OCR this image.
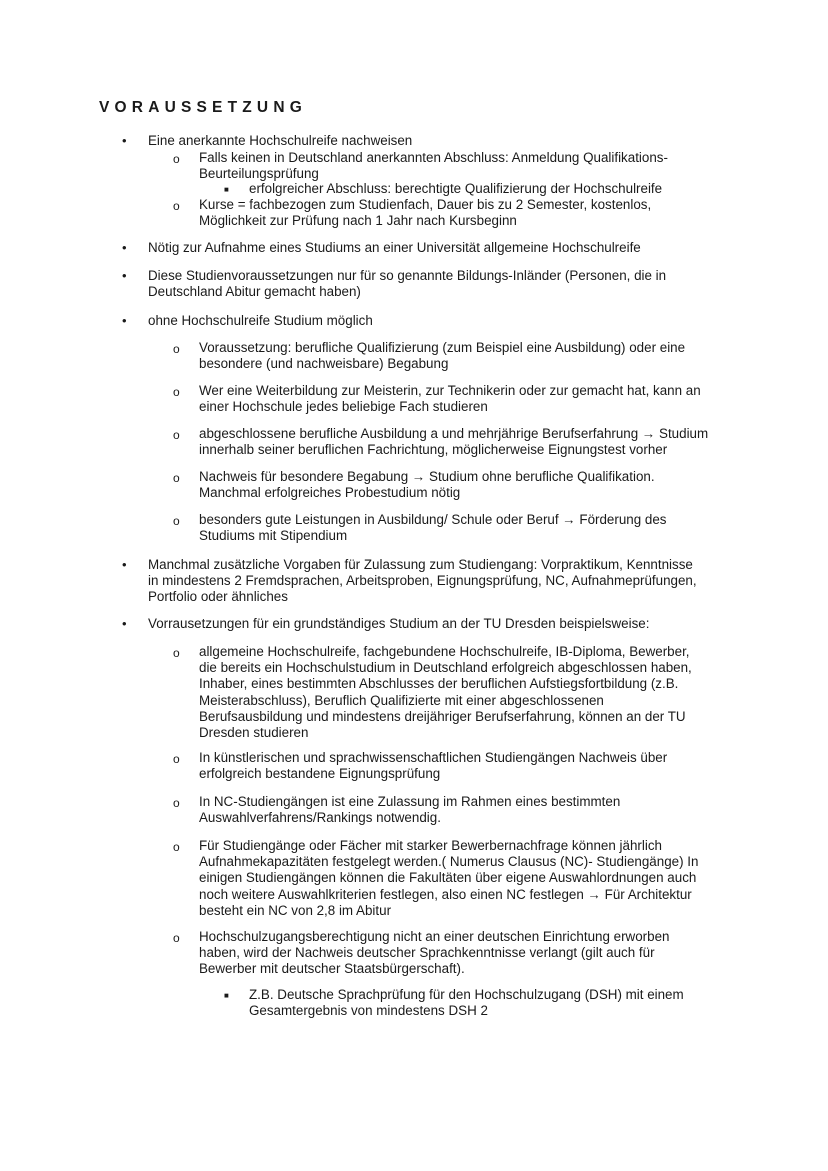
VORAUSSETZUNG
• Eine anerkannte Hochschulreife nachweisen
o Falls keinen in Deutschland anerkannten Abschluss: Anmeldung Qualifikations-
Beurteilungsprüfung
■ erfolgreicher Abschluss: berechtigte Qualifizierung der Hochschulreife
o Kurse = fachbezogen zum Studienfach, Dauer bis zu 2 Semester, kostenlos,
Möglichkeit zur Prüfung nach 1 Jahr nach Kursbeginn
• Nötig zur Aufnahme eines Studiums an einer Universität allgemeine Hochschulreife
• Diese Studienvoraussetzungen nur für so genannte Bildungs-Inländer (Personen, die in
Deutschland Abitur gemacht haben)
• ohne Hochschulreife Studium möglich
o Voraussetzung: berufliche Qualifizierung (zum Beispiel eine Ausbildung) oder eine
besondere (und nachweisbare) Begabung
o Wer eine Weiterbildung zur Meisterin, zur Technikerin oder zur gemacht hat, kann an
einer Hochschule jedes beliebige Fach studieren
o abgeschlossene berufliche Ausbildung a und mehrjährige Berufserfahrung → Studium
innerhalb seiner beruflichen Fachrichtung, möglicherweise Eignungstest vorher
o Nachweis für besondere Begabung → Studium ohne berufliche Qualifikation.
Manchmal erfolgreiches Probestudium nötig
o besonders gute Leistungen in Ausbildung/ Schule oder Beruf → Förderung des
Studiums mit Stipendium
• Manchmal zusätzliche Vorgaben für Zulassung zum Studiengang: Vorpraktikum, Kenntnisse
in mindestens 2 Fremdsprachen, Arbeitsproben, Eignungsprüfung, NC, Aufnahmeprüfungen,
Portfolio oder ähnliches
• Vorrausetzungen für ein grundständiges Studium an der TU Dresden beispielsweise:
o allgemeine Hochschulreife, fachgebundene Hochschulreife, IB-Diploma, Bewerber,
die bereits ein Hochschulstudium in Deutschland erfolgreich abgeschlossen haben,
Inhaber, eines bestimmten Abschlusses der beruflichen Aufstiegsfortbildung (z.B.
Meisterabschluss), Beruflich Qualifizierte mit einer abgeschlossenen
Berufsausbildung und mindestens dreijähriger Berufserfahrung, können an der TU
Dresden studieren
o In künstlerischen und sprachwissenschaftlichen Studiengängen Nachweis über
erfolgreich bestandene Eignungsprüfung
o In NC-Studiengängen ist eine Zulassung im Rahmen eines bestimmten
Auswahlverfahrens/Rankings notwendig.
o Für Studiengänge oder Fächer mit starker Bewerbernachfrage können jährlich
Aufnahmekapazitäten festgelegt werden.( Numerus Clausus (NC)- Studiengänge) In
einigen Studiengängen können die Fakultäten über eigene Auswahlordnungen auch
noch weitere Auswahlkriterien festlegen, also einen NC festlegen → Für Architektur
besteht ein NC von 2,8 im Abitur
o Hochschulzugangsberechtigung nicht an einer deutschen Einrichtung erworben
haben, wird der Nachweis deutscher Sprachkenntnisse verlangt (gilt auch für
Bewerber mit deutscher Staatsbürgerschaft).
■ Z.B. Deutsche Sprachprüfung für den Hochschulzugang (DSH) mit einem
Gesamtergebnis von mindestens DSH 2
